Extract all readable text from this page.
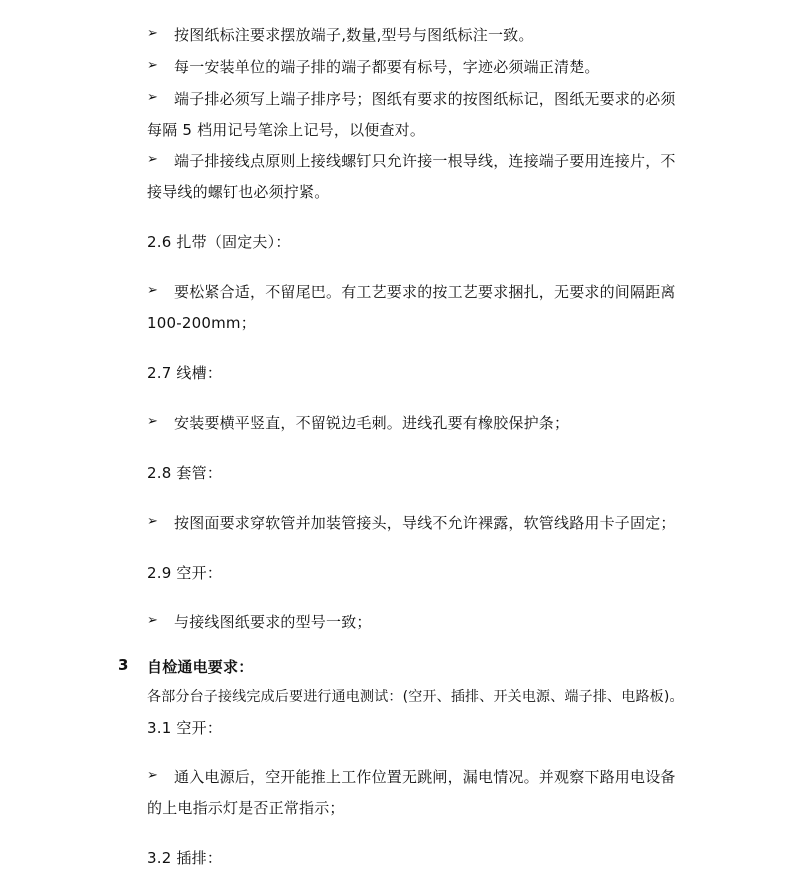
➢ 按图纸标注要求摆放端子,数量,型号与图纸标注一致。
➢ 每一安装单位的端子排的端子都要有标号，字迹必须端正清楚。
➢ 端子排必须写上端子排序号；图纸有要求的按图纸标记，图纸无要求的必须
每隔 5 档用记号笔涂上记号，以便查对。
➢ 端子排接线点原则上接线螺钉只允许接一根导线，连接端子要用连接片，不
接导线的螺钉也必须拧紧。
2.6 扎带（固定夫）：
➢ 要松紧合适，不留尾巴。有工艺要求的按工艺要求捆扎，无要求的间隔距离
100-200mm；
2.7 线槽：
➢ 安装要横平竖直，不留锐边毛刺。进线孔要有橡胶保护条；
2.8 套管：
➢ 按图面要求穿软管并加装管接头，导线不允许裸露，软管线路用卡子固定；
2.9 空开：
➢ 与接线图纸要求的型号一致；
3 自检通电要求：
各部分台子接线完成后要进行通电测试：(空开、插排、开关电源、端子排、电路板)。
3.1 空开：
➢ 通入电源后，空开能推上工作位置无跳闸，漏电情况。并观察下路用电设备
的上电指示灯是否正常指示；
3.2 插排：
